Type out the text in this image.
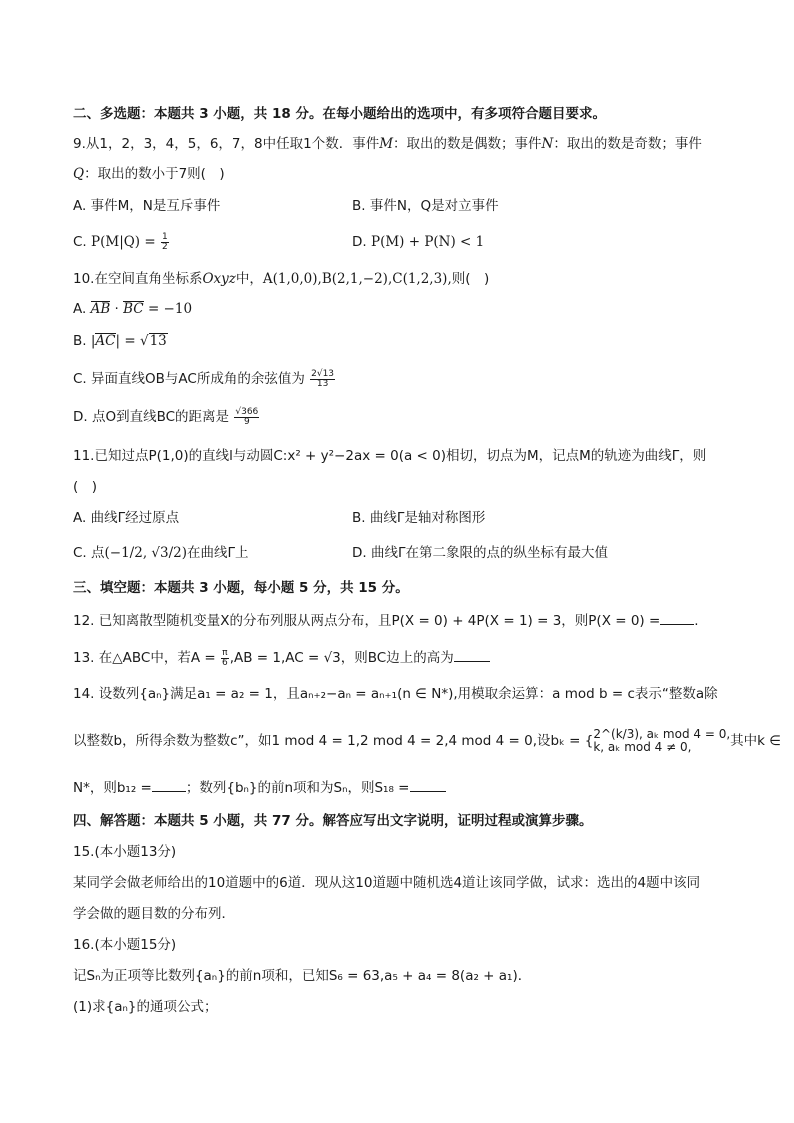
二、多选题：本题共 3 小题，共 18 分。在每小题给出的选项中，有多项符合题目要求。
9.从1，2，3，4，5，6，7，8中任取1个数．事件M：取出的数是偶数；事件N：取出的数是奇数；事件
Q：取出的数小于7则(　)
A. 事件M，N是互斥事件	B. 事件N，Q是对立事件
C. $P(M|Q) = \frac{1}{2}$	D. P(M) + P(N) < 1
10.在空间直角坐标系Oxyz中，A(1,0,0),B(2,1,−2),C(1,2,3),则(　)
A. AB · BC = −10
B. |AC| = √13
C. 异面直线OB与AC所成角的余弦值为 $\frac{2√13}{13}$
D. 点O到直线BC的距离是 $\frac{√366}{9}$
11.已知过点P(1,0)的直线l与动圆C:x² + y²−2ax = 0(a < 0)相切，切点为M，记点M的轨迹为曲线Γ，则
(　)
A. 曲线Γ经过原点	B. 曲线Γ是轴对称图形
C. 点(−1/2, √3/2)在曲线Γ上	D. 曲线Γ在第二象限的点的纵坐标有最大值
三、填空题：本题共 3 小题，每小题 5 分，共 15 分。
12. 已知离散型随机变量X的分布列服从两点分布，且P(X = 0) + 4P(X = 1) = 3，则P(X = 0) =	.
13. 在△ABC中，若$A = \frac{\pi}{6} ,AB = 1,AC = √3$，则BC边上的高为
14. 设数列{aₙ}满足a₁ = a₂ = 1，且aₙ₊₂−aₙ = aₙ₊₁(n ∈ N*),用模取余运算：a mod b = c表示“整数a除
以整数b，所得余数为整数c”，如1 mod 4 = 1,2 mod 4 = 2,4 mod 4 = 0,设bₖ = { 2^(k/3), aₖ mod 4 = 0,
k, aₖ mod 4 ≠ 0,	其中k ∈
N*，则b₁₂ =	；数列{bₙ}的前n项和为Sₙ，则S₁₈ =
四、解答题：本题共 5 小题，共 77 分。解答应写出文字说明，证明过程或演算步骤。
15.(本小题13分)
某同学会做老师给出的10道题中的6道．现从这10道题中随机选4道让该同学做，试求：选出的4题中该同
学会做的题目数的分布列．
16.(本小题15分)
记Sₙ为正项等比数列{aₙ}的前n项和，已知S₆ = 63,a₅ + a₄ = 8(a₂ + a₁)．
(1)求{aₙ}的通项公式；
